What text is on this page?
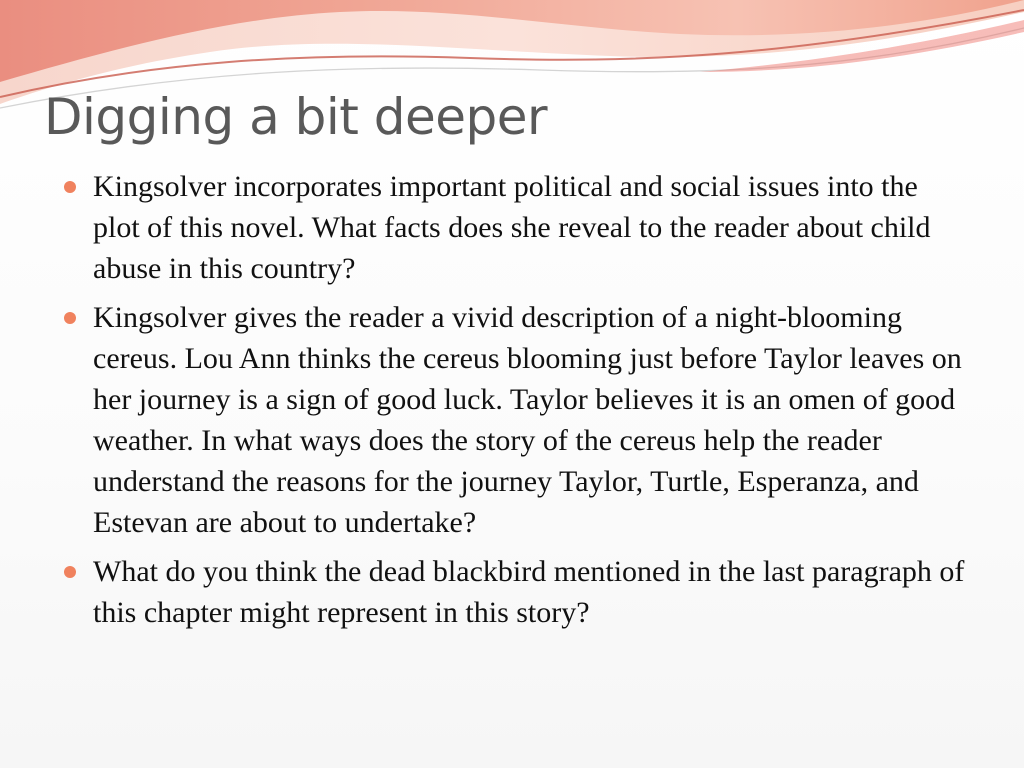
Digging a bit deeper
Kingsolver incorporates important political and social issues into the plot of this novel. What facts does she reveal to the reader about child abuse in this country?
Kingsolver gives the reader a vivid description of a night-blooming cereus. Lou Ann thinks the cereus blooming just before Taylor leaves on her journey is a sign of good luck. Taylor believes it is an omen of good weather. In what ways does the story of the cereus help the reader understand the reasons for the journey Taylor, Turtle, Esperanza, and Estevan are about to undertake?
What do you think the dead blackbird mentioned in the last paragraph of this chapter might represent in this story?
